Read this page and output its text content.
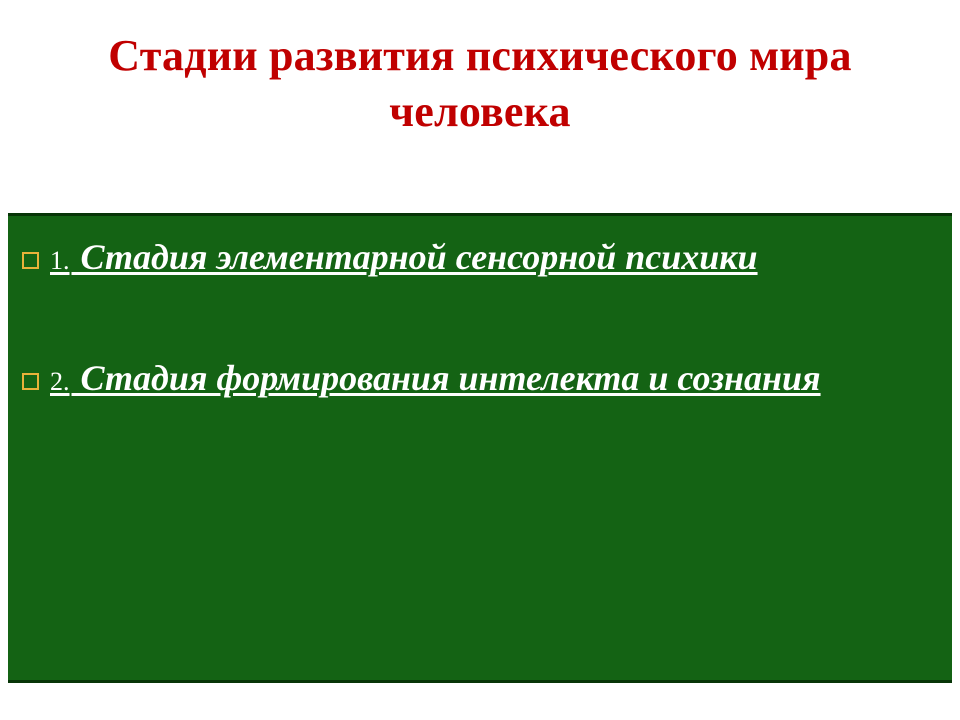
Стадии развития психического мира человека
1. Стадия элементарной сенсорной психики
2. Стадия формирования интелекта и сознания
